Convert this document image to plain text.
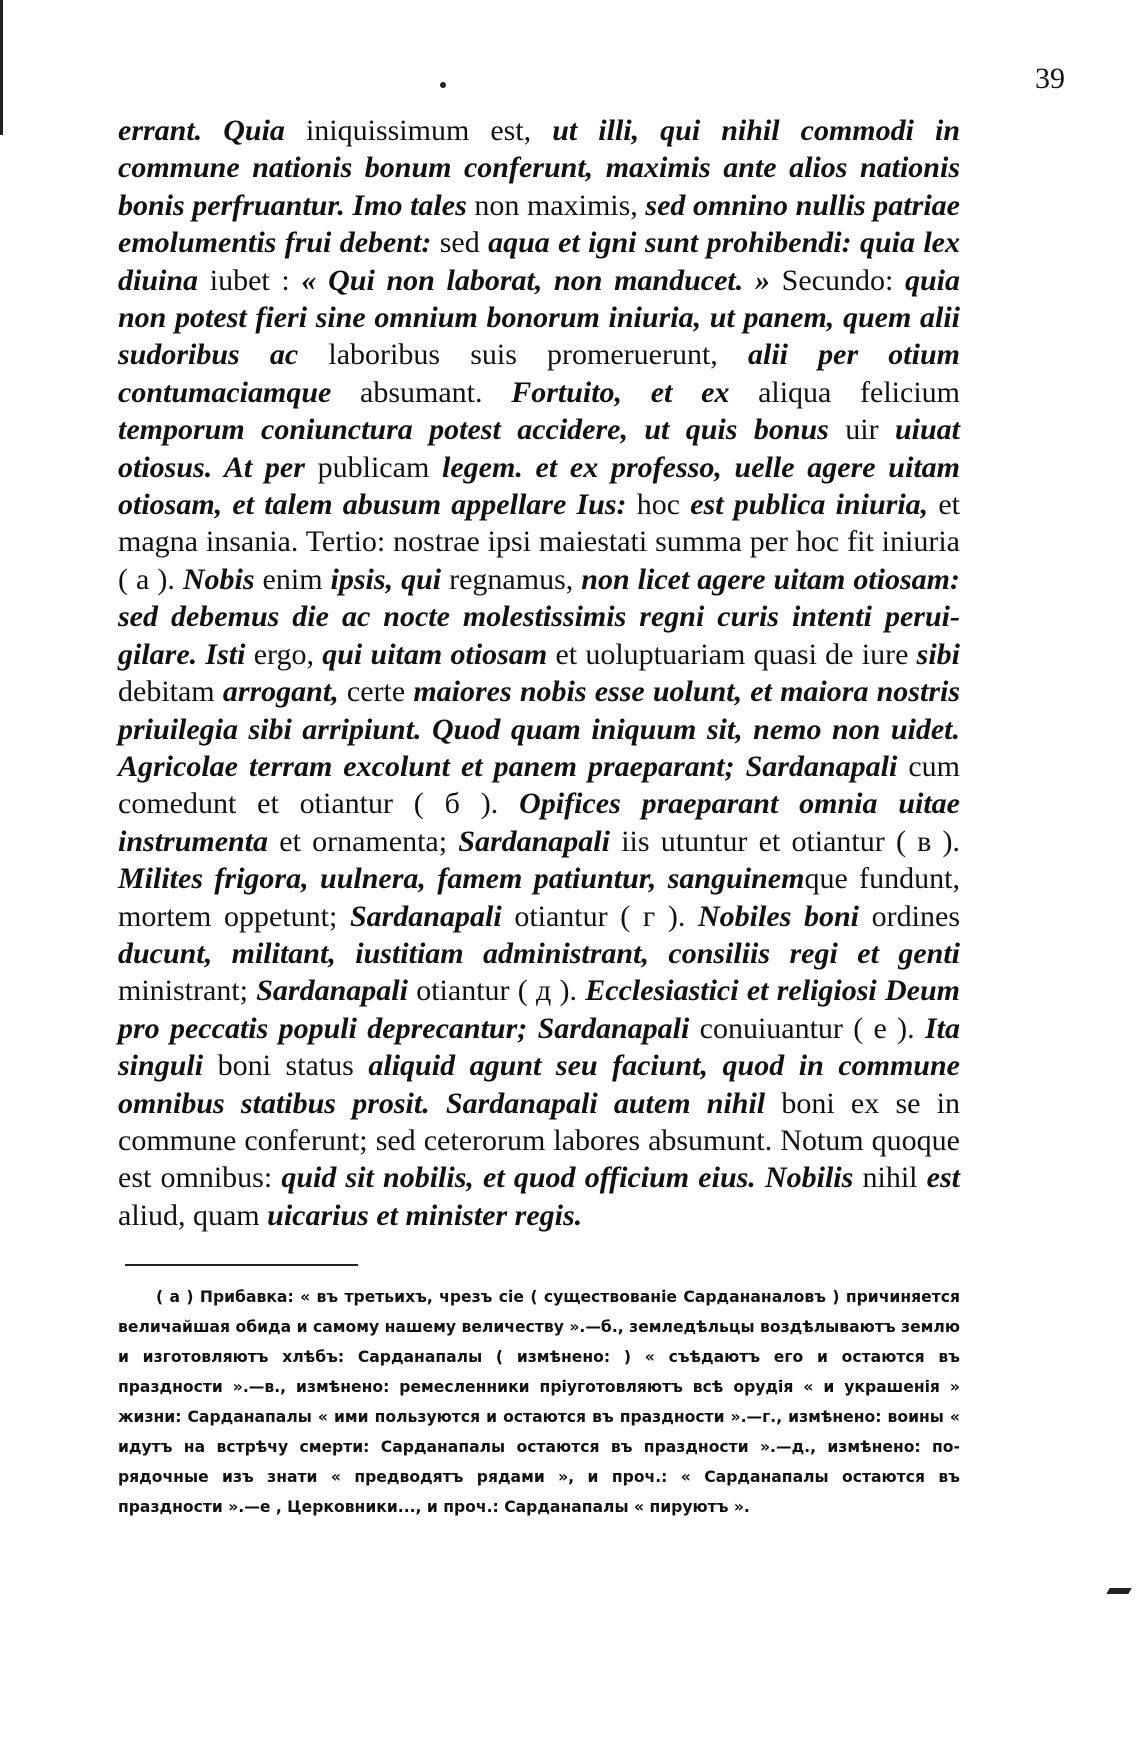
39

errant. Quia iniquissimum est, ut illi, qui nihil commodi in commune nationis bonum conferunt, maximis ante alios nationis bonis perfruantur. Imo tales non maximis, sed omnino nullis patriae emolumentis frui debent: sed aqua et igni sunt prohibendi: quia lex diuina iubet : « Qui non laborat, non manducet. » Secundo: quia non potest fieri sine omnium bonorum iniuria, ut panem, quem alii sudoribus ac laboribus suis promeruerunt, alii per otium contumaciamque absumant. Fortuito, et ex aliqua felicium temporum coniunctura potest accidere, ut quis bonus uir uiuat otiosus. At per publicam legem. et ex professo, uelle agere uitam otiosam, et talem abusum appellare Ius: hoc est publica iniuria, et magna insania. Tertio: nostrae ipsi maiestati summa per hoc fit iniuria ( a ). Nobis enim ipsis, qui regnamus, non licet agere uitam otiosam: sed debemus die ac nocte molestissimis regni curis intenti peruigilare. Isti ergo, qui uitam otiosam et uoluptuariam quasi de iure sibi debitam arrogant, certe maiores nobis esse uolunt, et maiora nostris priuilegia sibi arripiunt. Quod quam iniquum sit, nemo non uidet. Agricolae terram excolunt et panem praeparant; Sardanapali cum comedunt et otiantur ( б ). Opifices praeparant omnia uitae instrumenta et ornamenta; Sardanapali iis utuntur et otiantur ( в ). Milites frigora, uulnera, famem patiuntur, sanguinemque fundunt, mortem oppetunt; Sardanapali otiantur ( г ). Nobiles boni ordines ducunt, militant, iustitiam administrant, consiliis regi et genti ministrant; Sardanapali otiantur ( д ). Ecclesiastici et religiosi Deum pro peccatis populi deprecantur; Sardanapali conuiuantur ( е ). Ita singuli boni status aliquid agunt seu faciunt, quod in commune omnibus statibus prosit. Sardanapali autem nihil boni ex se in commune conferunt; sed ceterorum labores absumunt. Notum quoque est omnibus: quid sit nobilis, et quod officium eius. Nobilis nihil est aliud, quam uicarius et minister regis.

( а ) Прибавка: « въ третьихъ, чрезъ сіе ( существованіе Сардананаловъ ) причиняется величайшая обида и самому нашему величеству ».—б., земледѣльцы воздѣлываютъ землю и изготовляютъ хлѣбъ: Сарданапалы ( измѣнено: ) « съѣдаютъ его и остаются въ праздности ».—в., измѣнено: ремесленники пріуготовляютъ всѣ орудія « и украшенія » жизни: Сарданапалы « ими пользуются и остаются въ праздности ».—г., измѣнено: воины « идутъ на встрѣчу смерти: Сарданапалы остаются въ праздности ».—д., измѣнено: порядочные изъ знати « предводятъ рядами », и проч.: « Сарданапалы остаются въ праздности ».—е , Церковники..., и проч.: Сарданапалы « пируютъ ».
